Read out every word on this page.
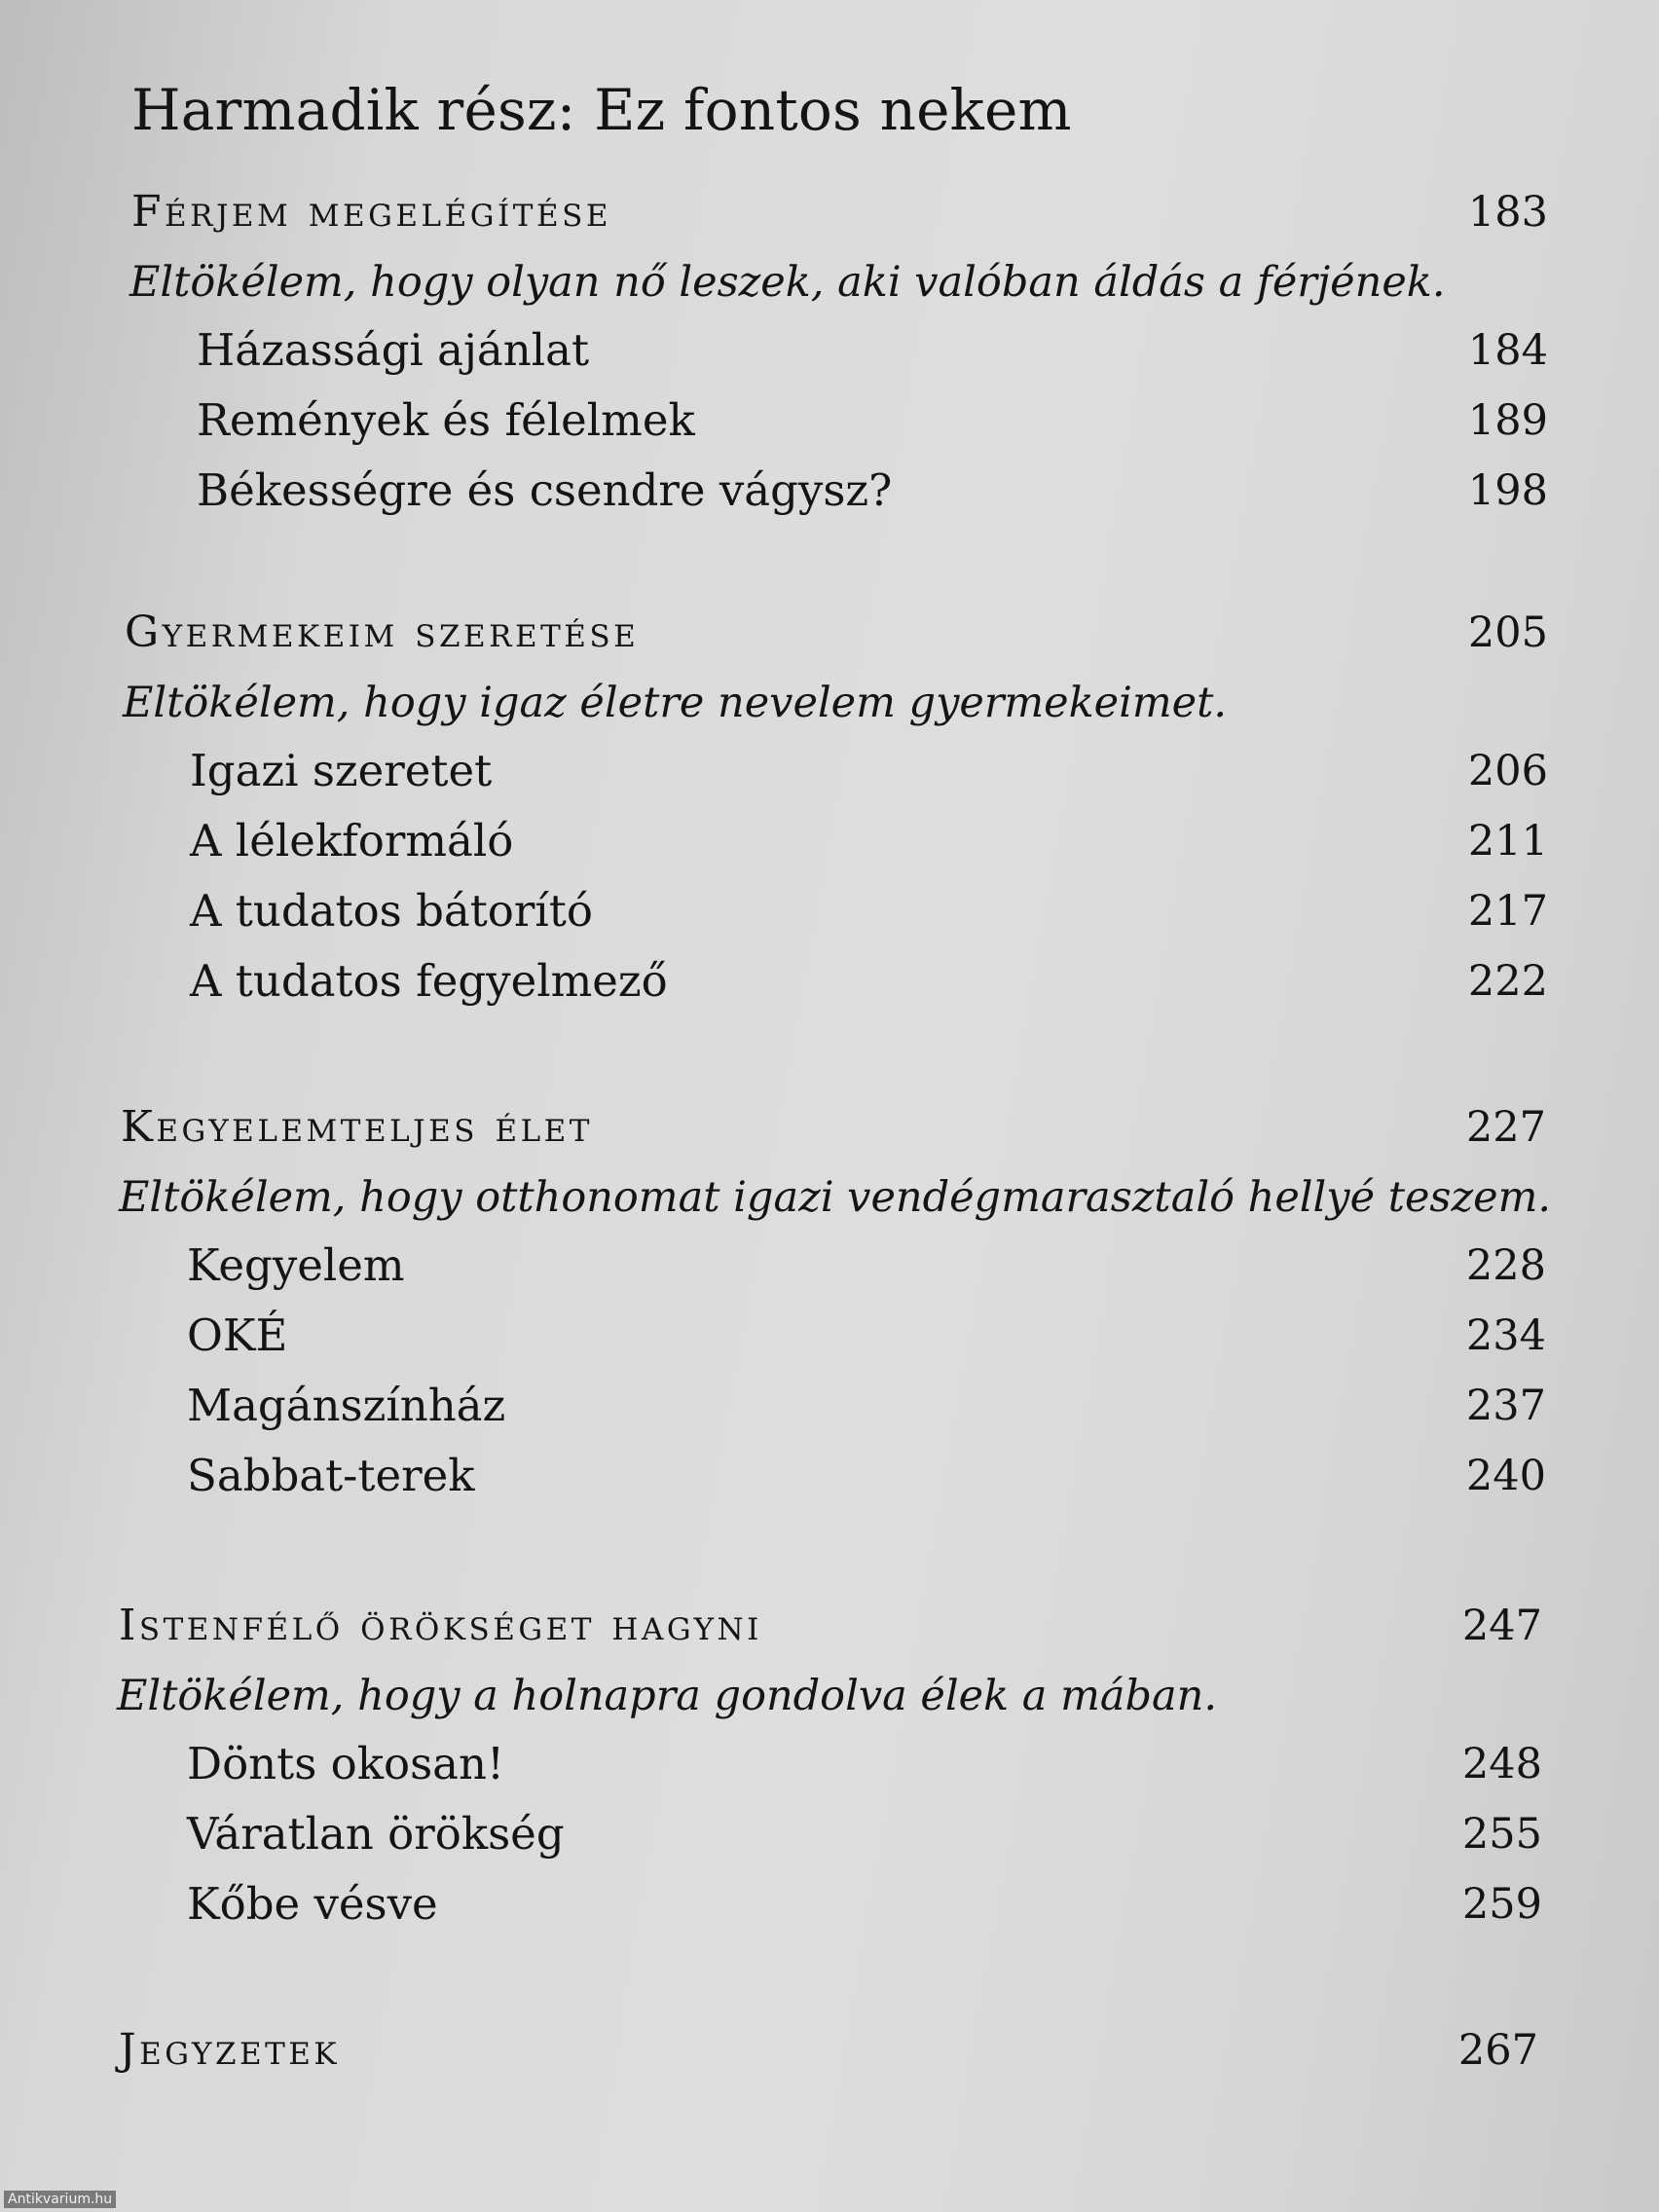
Harmadik rész: Ez fontos nekem
Férjem megelégítése	183
Eltökélem, hogy olyan nő leszek, aki valóban áldás a férjének.
Házassági ajánlat	184
Remények és félelmek	189
Békességre és csendre vágysz?	198
Gyermekeim szeretése	205
Eltökélem, hogy igaz életre nevelem gyermekeimet.
Igazi szeretet	206
A lélekformáló	211
A tudatos bátorító	217
A tudatos fegyelmező	222
Kegyelemteljes élet	227
Eltökélem, hogy otthonomat igazi vendégmarasztaló hellyé teszem.
Kegyelem	228
OKÉ	234
Magánszínház	237
Sabbat-terek	240
Istenfélő örökséget hagyni	247
Eltökélem, hogy a holnapra gondolva élek a mában.
Dönts okosan!	248
Váratlan örökség	255
Kőbe vésve	259
Jegyzetek	267
Antikvarium.hu
